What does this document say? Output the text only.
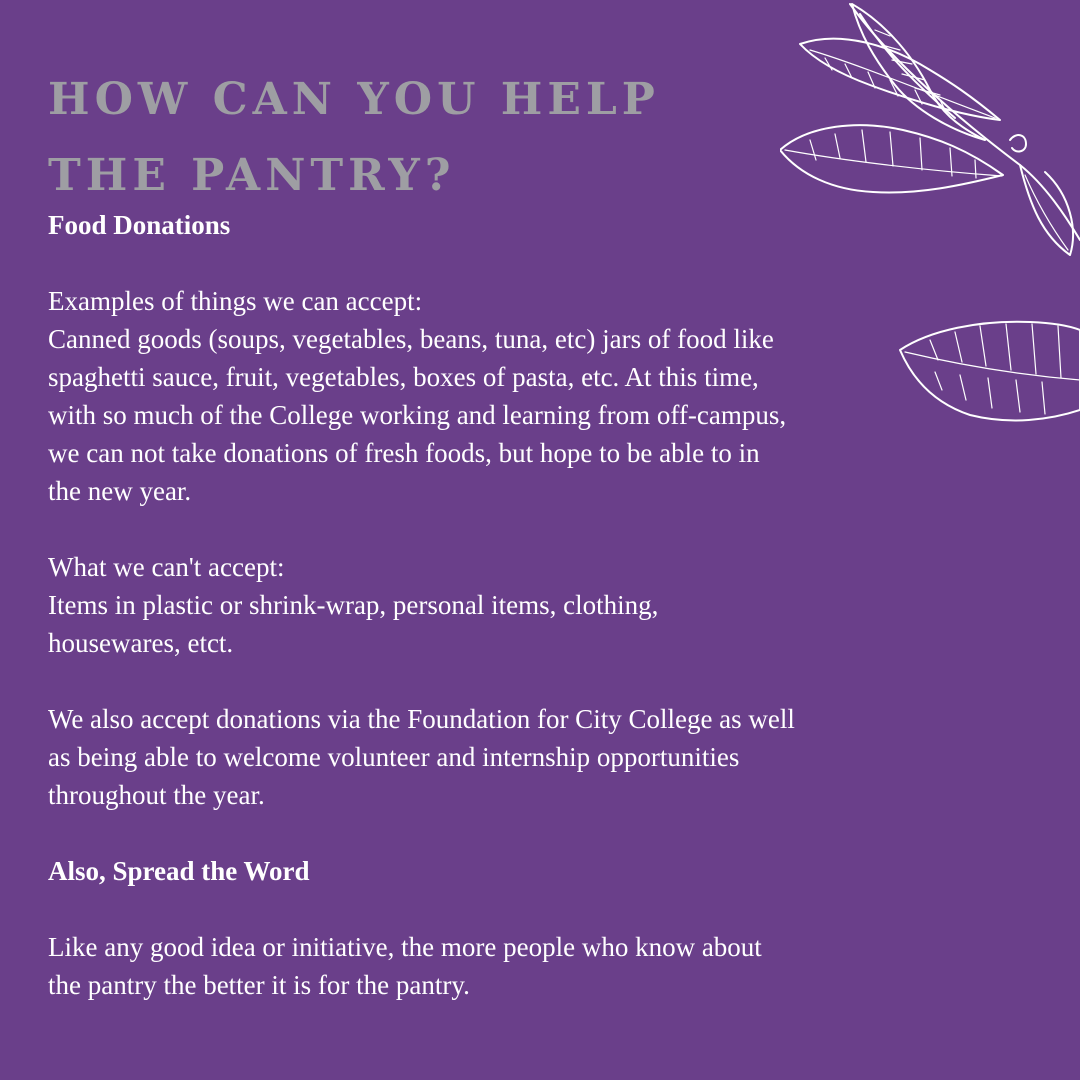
HOW CAN YOU HELP
THE PANTRY?

Food Donations

Examples of things we can accept:
Canned goods (soups, vegetables, beans, tuna, etc) jars of food like
spaghetti sauce, fruit, vegetables, boxes of pasta, etc. At this time,
with so much of the College working and learning from off-campus,
we can not take donations of fresh foods, but hope to be able to in
the new year.

What we can't accept:
Items in plastic or shrink-wrap, personal items, clothing,
housewares, etct.

We also accept donations via the Foundation for City College as well
as being able to welcome volunteer and internship opportunities
throughout the year.

Also, Spread the Word

Like any good idea or initiative, the more people who know about
the pantry the better it is for the pantry.
